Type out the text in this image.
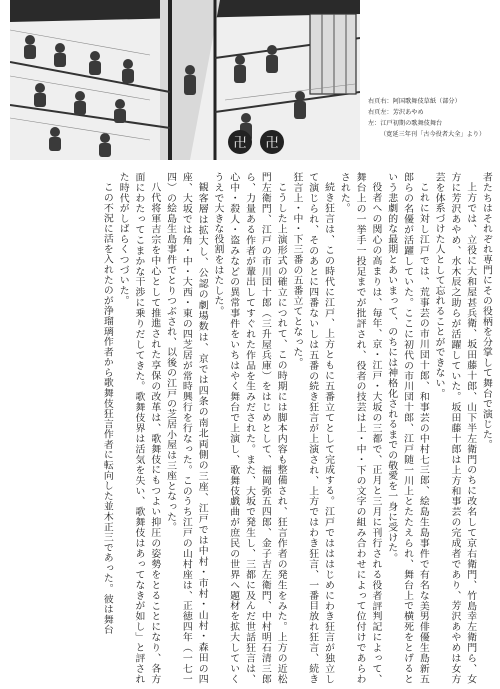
卍 卍
右頁右：阿国歌舞伎草紙（部分）
右頁左：芳沢あやめ
左：江戸初期の歌舞伎舞台
（寛延三年刊「古今役者大全」より）

者たちはそれぞれ専門にその役柄を分掌して舞台で演じた。

上方では、立役に大和屋甚兵衛、坂田藤十郎、山下半左衛門のちに改名して京右衛門、竹島幸左衛門ら、女方に芳沢あやめ、水木辰之助らが活躍していた。坂田藤十郎は上方和事芸の完成者であり、芳沢あやめは女方芸を体系づけた人として忘れることができない。

これに対し江戸では、荒事芸の市川団十郎、和事芸の中村七三郎、絵島生島事件で有名な美男俳優生島新五郎らの名優が活躍していた。ここに初代の市川団十郎、江戸随一川上とたたえられ、舞台上で横死をとげるという悲劇的な最期とあいまって、のちには神格化されるまでの敬愛を一身に受けた。

役者への関心の高まりは、毎年、京・江戸・大坂の三都で、正月と三月に刊行される役者評判記によって、舞台上の一挙手一投足までが批評され、役者の技芸は上・中・下の文字の組み合わせによって位付けであらわされた。

続き狂言は、この時代に江戸、上方ともに五番立てとして完成する。江戸ではははじめにわき狂言が独立して演じられ、そのあとに四番ないしは五番の続き狂言が上演され、上方ではわき狂言、一番目放れ狂言、続き狂言上・中・下三番の五番立てとなった。

こうした上演形式の確立につれて、この時期には脚本内容も整備され、狂言作者の発生をみた。上方の近松門左衛門、江戸の市川団十郎（三升屋兵庫）をはじめとして、福岡弥五四郎、金子吉左衛門、中村明石清三郎ら、力量ある作者が輩出してすぐれた作品を生みだされた。また、大坂で発生し、三都に及んだ世話狂言は、心中・殺人・盗みなどの異常事件をいちはやく舞台で上演し、歌舞伎戯曲が庶民の世界へ題材を拡大していくうえで大きな役割をはたした。

観客層は拡大し、公認の劇場数は、京では四条の南北両側の三座、江戸では中村・市村・山村・森田の四座、大坂では角・中・大西・東の四芝居が常時興行を行なった。このうち江戸の山村座は、正徳四年（一七一四）の絵島生島事件でとりつぶされ、以後の江戸の芝居小屋は三座となった。

八代将軍吉宗を中心として推進された享保の改革は、歌舞伎にもつよい抑圧の姿勢をとることになり、各方面にわたってこまかな干渉に乗りだしてきた。歌舞伎界は活気を失い、歌舞伎はあってなきが如し」と評された時代がしばらくつづいた。

この不況に活を入れたのが浄瑠璃作者から歌舞伎狂言作者に転向した並木正三であった。彼は舞台
